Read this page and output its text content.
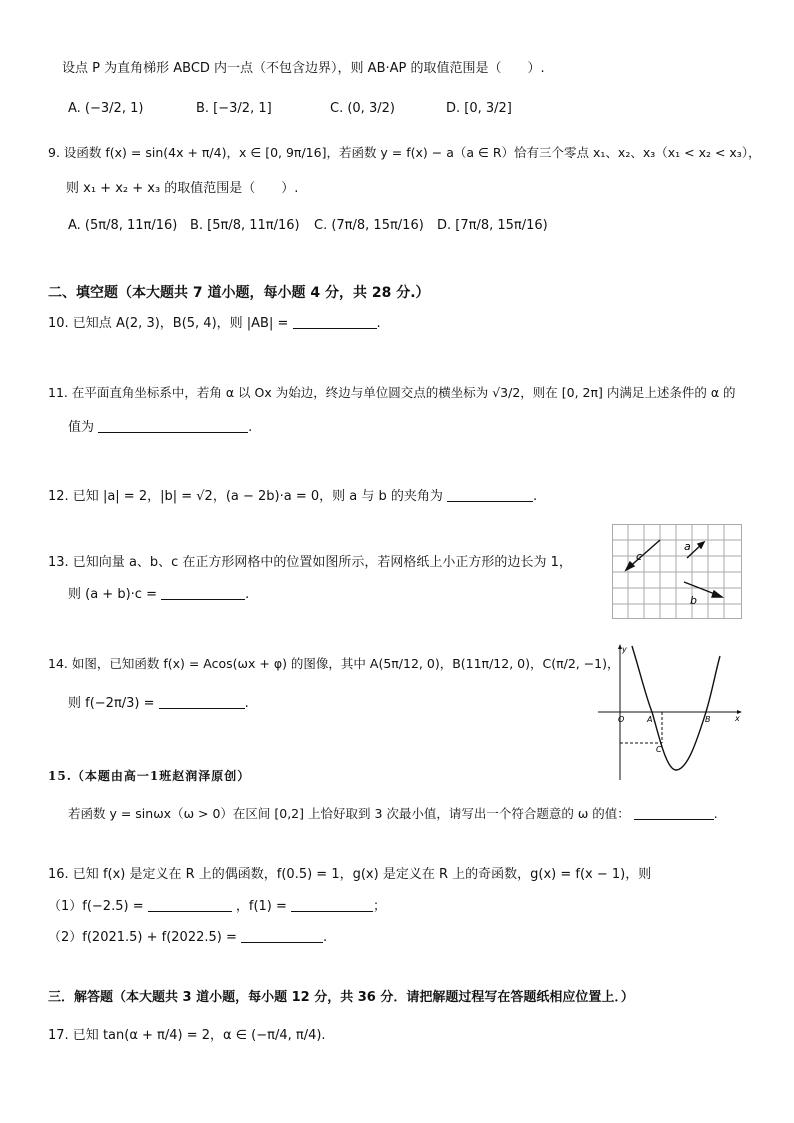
设点 P 为直角梯形 ABCD 内一点（不包含边界），则 AB·AP 的取值范围是（　　）.
A. (−3/2, 1)	B. [−3/2, 1]	C. (0, 3/2)	D. [0, 3/2]
9. 设函数 f(x) = sin(4x + π/4)，x ∈ [0, 9π/16]，若函数 y = f(x) − a（a ∈ R）恰有三个零点 x₁、x₂、x₃（x₁ < x₂ < x₃），
则 x₁ + x₂ + x₃ 的取值范围是（　　）.
A. (5π/8, 11π/16) B. [5π/8, 11π/16) C. (7π/8, 15π/16) D. [7π/8, 15π/16)
二、填空题（本大题共 7 道小题，每小题 4 分，共 28 分.）
10. 已知点 A(2, 3)，B(5, 4)，则 |AB| =	.
11. 在平面直角坐标系中，若角 α 以 Ox 为始边，终边与单位圆交点的横坐标为 √3/2，则在 [0, 2π] 内满足上述条件的 α 的
值为	.
12. 已知 |a| = 2，|b| = √2，(a − 2b)·a = 0，则 a 与 b 的夹角为	.
13. 已知向量 a、b、c 在正方形网格中的位置如图所示，若网格纸上小正方形的边长为 1，
则 (a + b)·c =	.
c
a
b
14. 如图，已知函数 f(x) = Acos(ωx + φ) 的图像，其中 A(5π/12, 0)，B(11π/12, 0)，C(π/2, −1)，
则 f(−2π/3) =	.
y
x
O	A	B
C
15.（本题由高一1班赵润泽原创）
若函数 y = sinωx（ω > 0）在区间 [0,2] 上恰好取到 3 次最小值，请写出一个符合题意的 ω 的值：	.
16. 已知 f(x) 是定义在 R 上的偶函数，f(0.5) = 1，g(x) 是定义在 R 上的奇函数，g(x) = f(x − 1)，则
（1）f(−2.5) =	，f(1) =	；
（2）f(2021.5) + f(2022.5) =	.
三．解答题（本大题共 3 道小题，每小题 12 分，共 36 分．请把解题过程写在答题纸相应位置上．）
17. 已知 tan(α + π/4) = 2，α ∈ (−π/4, π/4).
